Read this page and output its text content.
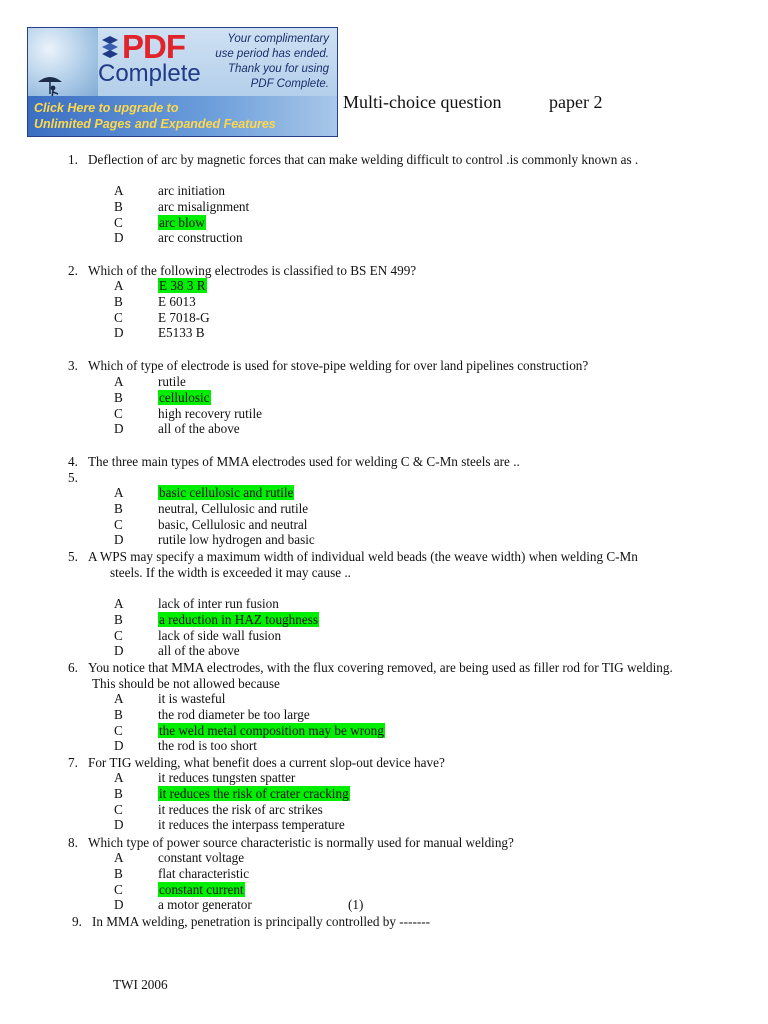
PDF
Complete
Your complimentary
use period has ended.
Thank you for using
PDF Complete.
Click Here to upgrade to
Unlimited Pages and Expanded Features
Multi-choice question	paper 2
1. Deflection of arc by magnetic forces that can make welding difficult to control .is commonly known as .
A	arc initiation
B	arc misalignment
C	arc blow
D	arc construction
2. Which of the following electrodes is classified to BS EN 499?
A	E 38 3 R
B	E 6013
C	E 7018-G
D	E5133 B
3. Which of type of electrode is used for stove-pipe welding for over land pipelines construction?
A	rutile
B	cellulosic
C	high recovery rutile
D	all of the above
4. The three main types of MMA electrodes used for welding C & C-Mn steels are ..
5.
A	basic cellulosic and rutile
B	neutral, Cellulosic and rutile
C	basic, Cellulosic and neutral
D	rutile low hydrogen and basic
5. A WPS may specify a maximum width of individual weld beads (the weave width) when welding C-Mn
steels. If the width is exceeded it may cause ..
A	lack of inter run fusion
B	a reduction in HAZ toughness
C	lack of side wall fusion
D	all of the above
6. You notice that MMA electrodes, with the flux covering removed, are being used as filler rod for TIG welding.
This should be not allowed because
A	it is wasteful
B	the rod diameter be too large
C	the weld metal composition may be wrong
D	the rod is too short
7. For TIG welding, what benefit does a current slop-out device have?
A	it reduces tungsten spatter
B	it reduces the risk of crater cracking
C	it reduces the risk of arc strikes
D	it reduces the interpass temperature
8. Which type of power source characteristic is normally used for manual welding?
A	constant voltage
B	flat characteristic
C	constant current
D	a motor generator	(1)
9. In MMA welding, penetration is principally controlled by -------
TWI 2006
